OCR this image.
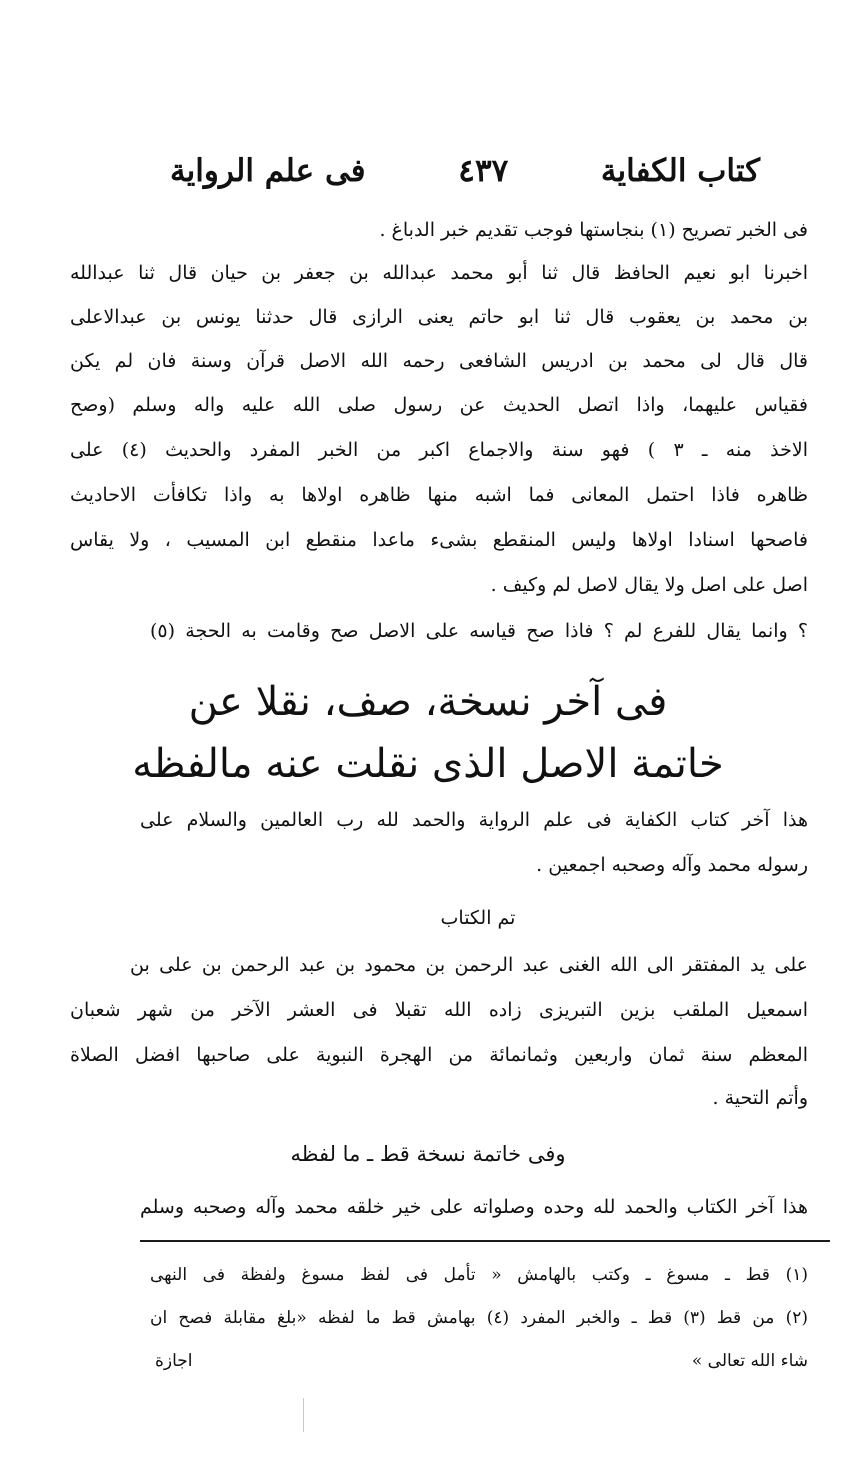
كتاب الكفاية
٤٣٧
فى علم الرواية
فى الخبر تصريح (١) بنجاستها فوجب تقديم خبر الدباغ .
اخبرنا ابو نعيم الحافظ قال ثنا أبو محمد عبدالله بن جعفر بن حيان قال ثنا عبدالله
بن محمد بن يعقوب قال ثنا ابو حاتم يعنى الرازى قال حدثنا يونس بن عبدالاعلى
قال قال لى محمد بن ادريس الشافعى رحمه الله الاصل قرآن وسنة فان لم يكن
فقياس عليهما، واذا اتصل الحديث عن رسول صلى الله عليه واله وسلم (وصح
الاخذ منه ـ ٣ ) فهو سنة والاجماع اكبر من الخبر المفرد والحديث (٤) على
ظاهره فاذا احتمل المعانى فما اشبه منها ظاهره اولاها به واذا تكافأت الاحاديث
فاصحها اسنادا اولاها وليس المنقطع بشىء ماعدا منقطع ابن المسيب ، ولا يقاس
اصل على اصل ولا يقال لاصل لم وكيف .
؟ وانما يقال للفرع لم ؟ فاذا صح قياسه على الاصل صح وقامت به الحجة (٥)
فى آخر نسخة، صف، نقلا عن
خاتمة الاصل الذى نقلت عنه مالفظه
هذا آخر كتاب الكفاية فى علم الرواية والحمد لله رب العالمين والسلام على
رسوله محمد وآله وصحبه اجمعين .
تم الكتاب
على يد المفتقر الى الله الغنى عبد الرحمن بن محمود بن عبد الرحمن بن على بن
اسمعيل الملقب بزين التبريزى زاده الله تقبلا فى العشر الآخر من شهر شعبان
المعظم سنة ثمان واربعين وثمانمائة من الهجرة النبوية على صاحبها افضل الصلاة
وأتم التحية .
وفى خاتمة نسخة قط ـ ما لفظه
هذا آخر الكتاب والحمد لله وحده وصلواته على خير خلقه محمد وآله وصحبه وسلم
(١) قط ـ مسوغ ـ وكتب بالهامش « تأمل فى لفظ مسوغ ولفظة فى النهى
(٢) من قط (٣) قط ـ والخبر المفرد (٤) بهامش قط ما لفظه «بلغ مقابلة فصح ان
شاء الله تعالى »
اجازة
